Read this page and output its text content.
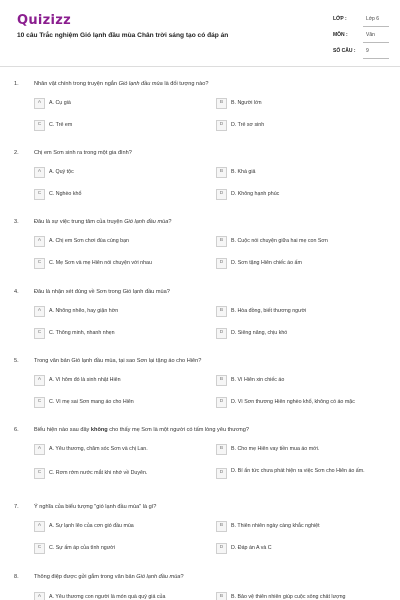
Quizizz
10 câu Trắc nghiệm Gió lạnh đầu mùa Chân trời sáng tạo có đáp án
LỚP :	Lớp 6
MÔN :	Văn
SỐ CÂU : 9
1.	Nhân vật chính trong truyện ngắn Gió lạnh đầu mùa là đối tượng nào?
A	A. Cụ già	B	B. Người lớn
C	C. Trẻ em	D	D. Trẻ sơ sinh
2.	Chị em Sơn sinh ra trong một gia đình?
A	A. Quý tộc	B	B. Khá giả
C	C. Nghèo khổ	D	D. Không hạnh phúc
3.	Đâu là sự việc trung tâm của truyện Gió lạnh đầu mùa?
A	A. Chị em Sơn chơi đùa cùng bạn	B	B. Cuộc nói chuyện giữa hai mẹ con Sơn
C	C. Mẹ Sơn và mẹ Hiên nói chuyện với nhau	D	D. Sơn tặng Hiên chiếc áo ấm
4.	Đâu là nhận xét đúng về Sơn trong Gió lạnh đầu mùa?
A	A. Nhõng nhẽo, hay giận hờn	B	B. Hòa đồng, biết thương người
C	C. Thông minh, nhanh nhẹn	D	D. Siêng năng, chịu khó
5.	Trong văn bản Gió lạnh đầu mùa, tại sao Sơn lại tặng áo cho Hiên?
A	A. Vì hôm đó là sinh nhật Hiên	B	B. Vì Hiên xin chiếc áo
C	C. Vì mẹ sai Sơn mang áo cho Hiên	D	D. Vì Sơn thương Hiên nghèo khổ, không có áo mặc
6.	Biểu hiện nào sau đây không cho thấy mẹ Sơn là một người có tấm lòng yêu thương?
A	A. Yêu thương, chăm sóc Sơn và chị Lan.	B	B. Cho mẹ Hiên vay tiền mua áo mới.
C	C. Rơm rớm nước mắt khi nhớ về Duyên.	D	D. Bí ẩn tức chưa phát hiện ra việc Sơn cho Hiên áo ấm.
7.	Ý nghĩa của biểu tượng "gió lạnh đầu mùa" là gì?
A	A. Sự lạnh lẽo của cơn gió đầu mùa	B	B. Thiên nhiên ngày càng khắc nghiệt
C	C. Sự ấm áp của tình người	D	D. Đáp án A và C
8.	Thông điệp được gửi gắm trong văn bản Gió lạnh đầu mùa?
A	A. Yêu thương con người là món quà quý giá của	B	B. Bảo vệ thiên nhiên giúp cuộc sống chất lượng
